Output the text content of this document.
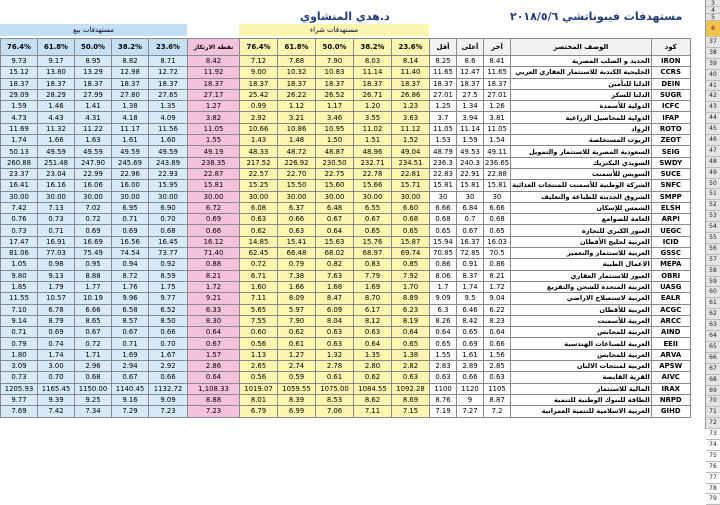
مستهدفات فيبوناتشي ٢٠١٨/٥/٦
د.هدي المنشاوي
مستهدفات بيع	مستهدفات شراء
76.4%	61.8%	50.0%	38.2%	23.6%	نقطة الارتكاز	76.4%	61.8%	50.0%	38.2%	23.6%	أقل	أعلى	آخر	الوصف المختصر	كود
9.73	9.17	8.95	8.82	8.71	8.42	7.12	7.68	7.90	8.03	8.14	8.25	8.6	8.41	الحديد و الصلب المصرية	IRON
15.12	13.80	13.29	12.98	12.72	11.92	9.00	10.32	10.83	11.14	11.40	11.65	12.47	11.65	الخليجية الكندية للاستثمار العقاري العربي	CCRS
18.37	18.37	18.37	18.37	18.37	18.37	18.37	18.37	18.37	18.37	18.37	18.37	18.37	18.37	الدلتا للتأمين	DEIN
29.09	28.29	27.99	27.80	27.65	27.17	25.42	26.22	26.52	26.71	26.86	27.01	27.5	27.01	الدلتا للسكر	SUGR
1.59	1.46	1.41	1.38	1.35	1.27	0.99	1.12	1.17	1.20	1.23	1.25	1.34	1.26	الدولية للأسمدة	ICFC
4.73	4.43	4.31	4.18	4.09	3.82	2.92	3.21	3.46	3.55	3.63	3.7	3.94	3.81	الدولية للمحاصيل الزراعية	IFAP
11.69	11.32	11.22	11.17	11.56	11.05	10.66	10.86	10.95	11.02	11.12	11.05	11.14	11.05	الرواد	ROTO
1.74	1.66	1.63	1.61	1.60	1.55	1.43	1.48	1.50	1.51	1.52	1.53	1.59	1.54	الزيوت المستخلصة	ZEOT
50.13	49.59	49.59	49.59	49.59	49.19	48.33	48.72	48.87	48.96	49.04	48.79	49.53	49.11	السعودية المصرية للاستثمار والتمويل	SEIG
260.88	251.48	247.90	245.69	243.89	238.35	217.52	226.92	230.50	232.71	234.51	236.3	240.3	236.65	السويدي اليكتريك	SWDY
23.37	23.04	22.99	22.96	22.93	22.87	22.57	22.70	22.75	22.78	22.81	22.83	22.91	22.88	السويس للأسمنت	SUCE
16.41	16.16	16.06	16.00	15.95	15.81	15.25	15.50	15.60	15.66	15.71	15.81	15.81	15.81	الشركة الوطنية للأسمنت للمنتجات الغذائية	SNFC
30.00	30.00	30.00	30.00	30.00	30.00	30.00	30.00	30.00	30.00	30.00	30	30	30	الشروق الحديثة للطباعة والتغليف	SMPP
7.42	7.13	7.02	6.95	6.90	6.72	6.08	6.37	6.48	6.55	6.60	6.66	6.84	6.66	الشمس للإسكان	ELSH
0.76	0.73	0.72	0.71	0.70	0.69	0.63	0.66	0.67	0.67	0.68	0.68	0.7	0.68	العامة للصوامع	ARPI
0.73	0.71	0.69	0.69	0.68	0.66	0.62	0.63	0.64	0.65	0.65	0.65	0.67	0.65	العبور الكبرى للتجارة	UEGC
17.47	16.91	16.69	16.56	16.45	16.12	14.85	15.41	15.63	15.76	15.87	15.94	16.37	16.03	العربية لحليج الأقطان	ICID
81.06	77.03	75.49	74.54	73.77	71.40	62.45	66.48	68.02	68.97	69.74	70.85	72.85	70.5	العربية للاستثمار والتعمير	GSSC
1.05	0.98	0.95	0.94	0.92	0.88	0.72	0.79	0.82	0.83	0.85	0.86	0.91	0.86	الاعمال الطبية	MEPA
9.80	9.13	8.88	8.72	8.59	8.21	6.71	7.38	7.63	7.79	7.92	8.06	8.37	8.21	العبور للاستثمار العقاري	OBRI
1.85	1.79	1.77	1.76	1.75	1.72	1.60	1.66	1.68	1.69	1.70	1.7	1.74	1.72	العربية المتحدة للشحن والتفريغ	UASG
11.55	10.57	10.19	9.96	9.77	9.21	7.11	8.09	8.47	8.70	8.89	9.09	9.5	9.04	العربية لاستصلاح الاراضي	EALR
7.10	6.78	6.66	6.58	6.52	6.33	5.65	5.97	6.09	6.17	6.23	6.3	6.46	6.22	العربية للأقطان	ACGC
9.14	8.79	8.65	8.57	8.50	8.30	7.55	7.90	8.04	8.12	8.19	8.26	8.42	8.23	العربية للأسمنت	ARCC
0.71	0.69	0.67	0.67	0.66	0.64	0.60	0.62	0.63	0.63	0.64	0.64	0.65	0.64	العربية للمحابس	AIND
0.79	0.74	0.72	0.71	0.70	0.67	0.56	0.61	0.63	0.64	0.65	0.65	0.69	0.66	العربية للصناعات الهندسية	EEII
1.80	1.74	1.71	1.69	1.67	1.57	1.13	1.27	1.32	1.35	1.38	1.55	1.61	1.56	العربية للمحابس	ARVA
3.09	3.00	2.96	2.94	2.92	2.86	2.65	2.74	2.78	2.80	2.82	2.83	2.89	2.85	العربية لمنتجات الالبان	APSW
0.73	0.70	0.68	0.67	0.66	0.64	0.56	0.59	0.61	0.62	0.63	0.63	0.66	0.63	القرية القابضة	AIVC
1205.93	1165.45	1150.00	1140.45	1132.72	1,108.33	1019.07	1059.55	1075.00	1084.55	1092.28	1100	1120	1105	المالية للاستثمار	IRAX
9.77	9.39	9.25	9.16	9.09	8.88	8.01	8.39	8.53	8.62	8.69	8.76	9	8.87	الطاقة للبنوك الوطنية للتنمية	NRPD
7.69	7.42	7.34	7.29	7.23	7.23	6.79	6.99	7.06	7.11	7.15	7.19	7.27	7.2	العربية الاسلامية للتنمية العمرانية	GIHD
3
4
5
6
37
38
39
40
41
42
43
44
45
46
47
48
49
50
51
52
53
54
55
56
57
58
59
60
61
62
63
64
65
66
67
68
69
70
71
72
73
74
75
76
77
78
79
